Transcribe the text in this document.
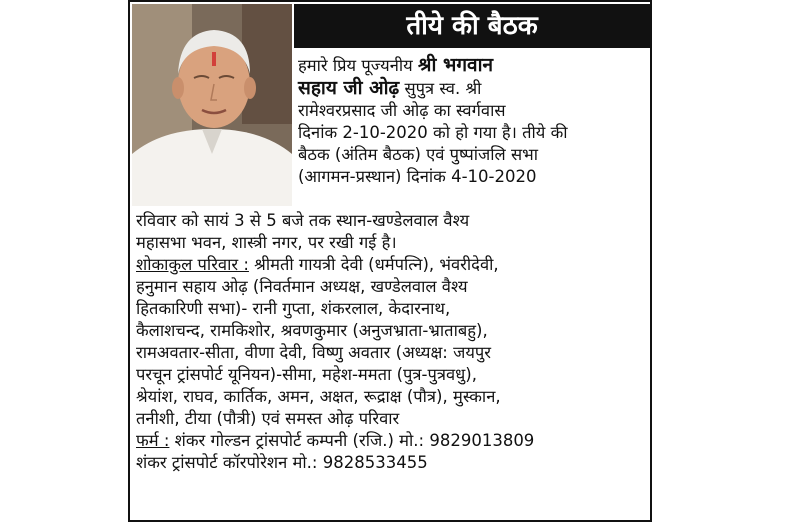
तीये की बैठक
हमारे प्रिय पूज्यनीय श्री भगवान
सहाय जी ओढ़ सुपुत्र स्व. श्री
रामेश्वरप्रसाद जी ओढ़ का स्वर्गवास
दिनांक 2-10-2020 को हो गया है। तीये की
बैठक (अंतिम बैठक) एवं पुष्पांजलि सभा
(आगमन-प्रस्थान) दिनांक 4-10-2020
रविवार को सायं 3 से 5 बजे तक स्थान-खण्डेलवाल वैश्य
महासभा भवन, शास्त्री नगर, पर रखी गई है।
शोकाकुल परिवार : श्रीमती गायत्री देवी (धर्मपत्नि), भंवरीदेवी,
हनुमान सहाय ओढ़ (निवर्तमान अध्यक्ष, खण्डेलवाल वैश्य
हितकारिणी सभा)- रानी गुप्ता, शंकरलाल, केदारनाथ,
कैलाशचन्द, रामकिशोर, श्रवणकुमार (अनुजभ्राता-भ्राताबहु),
रामअवतार-सीता, वीणा देवी, विष्णु अवतार (अध्यक्ष: जयपुर
परचून ट्रांसपोर्ट यूनियन)-सीमा, महेश-ममता (पुत्र-पुत्रवधु),
श्रेयांश, राघव, कार्तिक, अमन, अक्षत, रूद्राक्ष (पौत्र), मुस्कान,
तनीशी, टीया (पौत्री) एवं समस्त ओढ़ परिवार
फर्म : शंकर गोल्डन ट्रांसपोर्ट कम्पनी (रजि.) मो.: 9829013809
शंकर ट्रांसपोर्ट कॉरपोरेशन मो.: 9828533455
